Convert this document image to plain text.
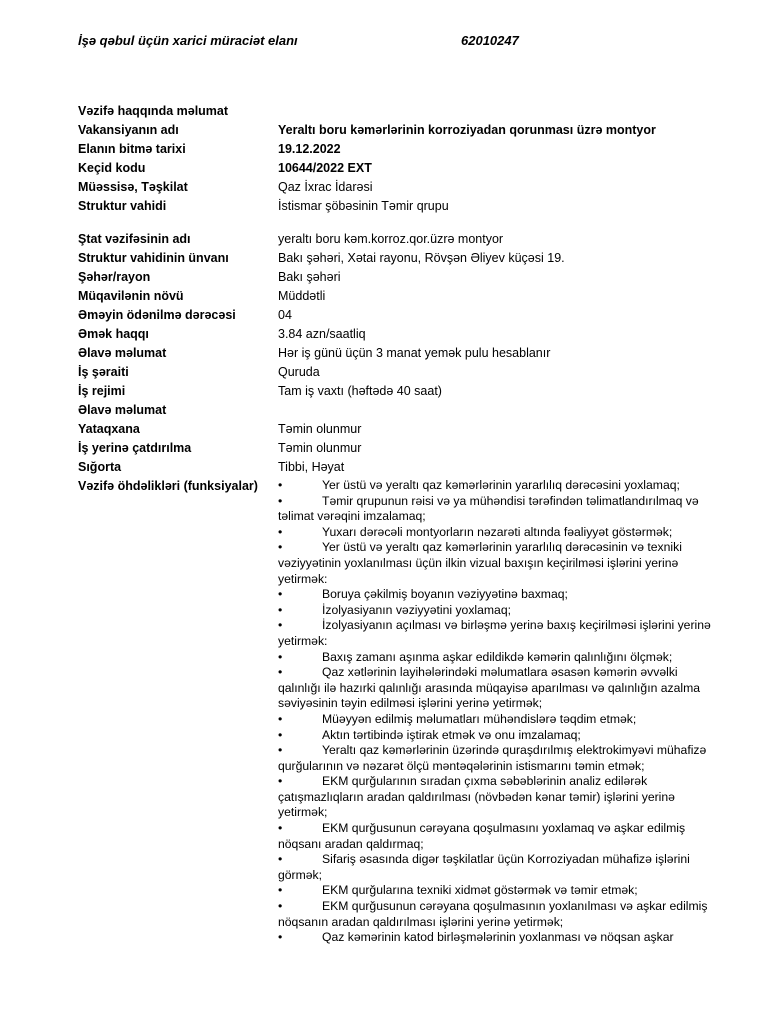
İşə qəbul üçün xarici müraciət elanı	62010247
Vəzifə haqqında məlumat
Vakansiyanın adı	Yeraltı boru kəmərlərinin korroziyadan qorunması üzrə montyor
Elanın bitmə tarixi	19.12.2022
Keçid kodu	10644/2022 EXT
Müəssisə, Təşkilat	Qaz İxrac İdarəsi
Struktur vahidi	İstismar şöbəsinin Təmir qrupu
Ştat vəzifəsinin adı	yeraltı boru kəm.korroz.qor.üzrə montyor
Struktur vahidinin ünvanı	Bakı şəhəri, Xətai rayonu, Rövşən Əliyev küçəsi 19.
Şəhər/rayon	Bakı şəhəri
Müqavilənin növü	Müddətli
Əməyin ödənilmə dərəcəsi	04
Əmək haqqı	3.84 azn/saatliq
Əlavə məlumat	Hər iş günü üçün 3 manat yemək pulu hesablanır
İş şəraiti	Quruda
İş rejimi	Tam iş vaxtı (həftədə 40 saat)
Əlavə məlumat
Yataqxana	Təmin olunmur
İş yerinə çatdırılma	Təmin olunmur
Sığorta	Tibbi, Həyat
Vəzifə öhdəlikləri (funksiyalar) •	Yer üstü və yeraltı qaz kəmərlərinin yararlılıq dərəcəsini yoxlamaq;
•	Təmir qrupunun rəisi və ya mühəndisi tərəfindən təlimatlandırılmaq və təlimat vərəqini imzalamaq;
•	Yuxarı dərəcəli montyorların nəzarəti altında fəaliyyət göstərmək;
•	Yer üstü və yeraltı qaz kəmərlərinin yararlılıq dərəcəsinin və texniki vəziyyətinin yoxlanılması üçün ilkin vizual baxışın keçirilməsi işlərini yerinə yetirmək:
•	Boruya çəkilmiş boyanın vəziyyətinə baxmaq;
•	İzolyasiyanın vəziyyətini yoxlamaq;
•	İzolyasiyanın açılması və birləşmə yerinə baxış keçirilməsi işlərini yerinə yetirmək:
•	Baxış zamanı aşınma aşkar edildikdə kəmərin qalınlığını ölçmək;
•	Qaz xətlərinin layihələrindəki məlumatlara əsasən kəmərin əvvəlki qalınlığı ilə hazırki qalınlığı arasında müqayisə aparılması və qalınlığın azalma səviyəsinin təyin edilməsi işlərini yerinə yetirmək;
•	Müəyyən edilmiş məlumatları mühəndislərə təqdim etmək;
•	Aktın tərtibində iştirak etmək və onu imzalamaq;
•	Yeraltı qaz kəmərlərinin üzərində quraşdırılmış elektrokimyəvi mühafizə qurğularının və nəzarət ölçü məntəqələrinin istismarını təmin etmək;
•	EKM qurğularının sıradan çıxma səbəblərinin analiz edilərək çatışmazlıqların aradan qaldırılması (növbədən kənar təmir) işlərini yerinə yetirmək;
•	EKM qurğusunun cərəyana qoşulmasını yoxlamaq və aşkar edilmiş nöqsanı aradan qaldırmaq;
•	Sifariş əsasında digər təşkilatlar üçün Korroziyadan mühafizə işlərini görmək;
•	EKM qurğularına texniki xidmət göstərmək və təmir etmək;
•	EKM qurğusunun cərəyana qoşulmasının yoxlanılması və aşkar edilmiş nöqsanın aradan qaldırılması işlərini yerinə yetirmək;
•	Qaz kəmərinin katod birləşmələrinin yoxlanması və nöqsan aşkar
